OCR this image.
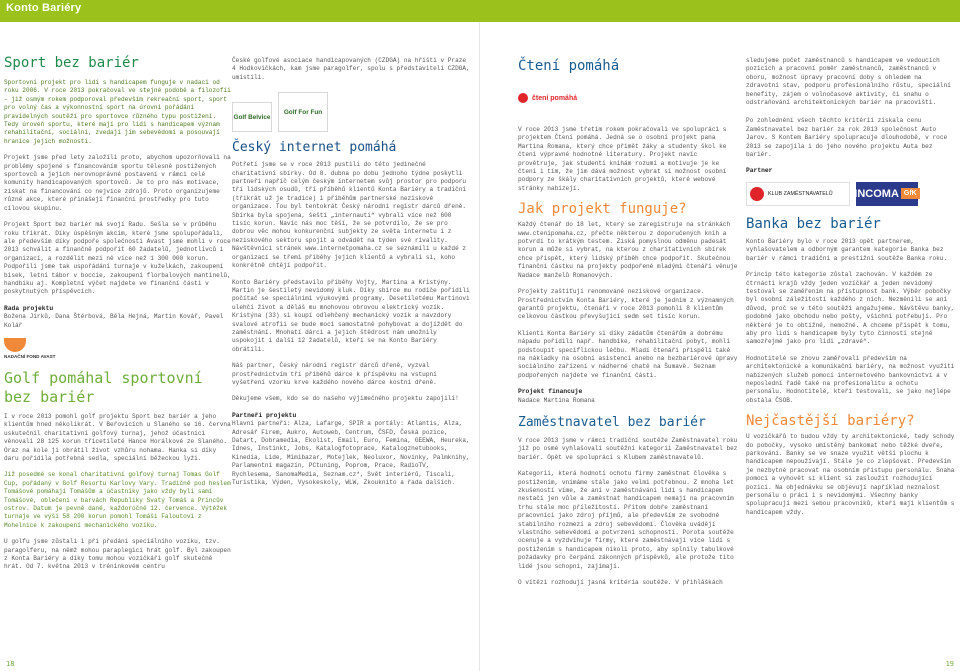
Konto Bariéry
Sport bez bariér

Sportovní projekt pro lidi s handicapem funguje v nadaci od roku 2006. V roce 2013 pokračoval ve stejné podobě a filozofii – již osmým rokem podporoval především rekreační sport, sport pro volný čas a výkonnostní sport na úrovni pořádání pravidelných soutěží pro sportovce různého typu postižení. Tedy úroveň sportu, které mají pro lidi s handicapem význam rehabilitační, sociální, zvedají jim sebevědomí a posouvají hranice jejich možností.

Projekt jsme před lety založili proto, abychom upozorňovali na problémy spojené s financováním sportu tělesně postižených sportovců a jejich nerovnoprávné postavení v rámci celé komunity handicapovaných sportovců. Je to pro nás motivace, získat na financování co nejvíce zdrojů. Proto organizujeme různé akce, které přinášejí finanční prostředky pro tuto cílovou skupinu.

Projekt Sport bez bariér má svojí Radu. Sešla se v průběhu roku třikrát. Díky úspěšným akcím, které jsme spolupořádali, ale především díky podpoře společnosti Avast jsme mohli v roce 2013 schválit a finančně podpořit 60 žadatelů, jednotlivců i organizací, a rozdělit mezi ně více než 1 300 000 korun. Podpořili jsme tak uspořádání turnaje v kuželkách, zakoupení bisek, letní tábor v boccie, zakoupení florbalových mantinelů, handbiku aj. Kompletní výčet najdete ve finanční části v poskytnutých příspěvcích.

Rada projektu

Božena Jirků, Dana Štěrbová, Běla Hejná, Martin Kovář, Pavel Kolář

NADAČNÍ FOND AVAST
Golf pomáhal sportovní bez bariér

I v roce 2013 pomohl golf projektu Sport bez bariér a jeho klientům hned několikrát. V Beřovicích u Slaného se 16. června uskutečnil charitativní golfový turnaj, jehož účastníci věnovali 28 125 korun třicetileté Hance Horálkové ze Slaného. Oraz na kole ji obrátil život vzhůru nohama. Hanka si díky daru pořídila potřebná sedla, speciální běžeckou lyži.

Již posedmé se konal charitativní golfový turnaj Tomas Golf Cup, pořádaný v Golf Resortu Karlovy Vary. Tradičně pod heslem Tomášové pomáhají Tomášům a účastníky jako vždy byli samí Tomášové, oblečení v barvách Republiky Svatý Tomáš a Princův ostrov. Datum je pevně dané, každoročně 12. července. Výtěžek turnaje ve výši 58 200 korun pomohl Tomáši Faloutovi z Mohelnice k zakoupení mechanického vozíku.

U golfu jsme zůstali i při předání speciálního vozíku, tzv. paragolferu, na němž mohou paraplegici hrát golf. Byl zakoupen z Konta Bariéry a díky tomu mohou vozíčkáři golf skutečně hrát. Od 7. května 2013 v tréninkovém centru

České golfové asociace handicapovaných (CZDGA) na hřišti v Praze 4 Hodkovičkách, kam jsme paragolfer, spolu s představiteli CZDGA, umístili.

Golf Belvice
Golf For Fun
Český internet pomáhá

Potřetí jsme se v roce 2013 pustili do této jedinečné charitativní sbírky. Od 8. dubna po dobu jednoho týdne poskytli partneři napříč celým českým internetem svůj prostor pro podporu tří lidských osudů, tří příběhů klientů Konta Bariéry a tradiční (třikrát už je tradice) i příběhům partnerské neziskové organizace. Tou byl tentokrát Český národní registr dárců dřeně. Sbírka byla spojena, šeští „internauti“ vybrali více než 600 tisíc korun. Navíc nás moc těší, že se potvrdilo, že se pro dobrou věc mohou konkurenční subjekty ze světa internetu i z neziskového sektoru spojit a odvádět na týden své rivality. Návštěvníci stránek www.internetpomaha.cz se seznámili u každé z organizací se třemi příběhy jejich klientů a vybrali si, koho konkrétně chtějí podpořit.

Konto Bariéry představilo příběhy Vojty, Martina a Kristýny. Martin je šestiletý nevidomý kluk. Díky sbírce mu rodiče pořídili počítač se speciálními výukovými programy. Desetiletému Martinovi ulehčí život a děláš mu mnohovou obrovou elektrický vozík. Kristýna (33) si koupí odlehčený mechanický vozík a navzdory svalové atrofii se bude moci samostatně pohybovat a dojíždět do zaměstnání. Mnohatí dárci a jejich štědrost nám umožnily uspokojit i další 12 žadatelů, kteří se na Konto Bariéry obrátili.

Náš partner, Český národní registr dárců dřeně, vyzval prostřednictvím tří příběhů dárce k příspěvku na vstupní vyšetření vzorku krve každého nového dárce kostní dřeně.

Děkujeme všem, kdo se do našeho výjimečného projektu zapojili!

Partneři projektu

Hlavní partneři: Alza, Lafarge, SPIR a portály: Atlantis, Alza, Adresář Firem, Aukro, Autoweb, Centrum, ČSFD, Česká pozice, Datart, Dobramedia, Ekolist, Email, Euro, Femina, GEEWA, Heureka, Idnes, Instinkt, Jobs, Katalogfotoprace, Katalogznetubooks, Kinedia, Lide, Mimibazar, Motejlek, Neoluxor, Novinky, Palmknihy, Parlamentní magazín, PCtuning, Poprom, Prace, RadioTV, Rychlesema, SanomaMedia, Seznam.cz*, Svět interiérů, Tiscali, Turistika, Výden, Vysokeskoly, WLW, Zkouknito a řada dalších.

Čtení pomáhá
čtení pomáhá

V roce 2013 jsme třetím rokem pokračovali ve spolupráci s projektem Čtení pomáhá. Jedná se o osobní projekt pana Martina Romana, který chce přimět žáky a studenty škol ke čtení výpravné hodnotné literatury. Projekt navíc provětruje, jak studenti knihám rozumí a motivuje je ke čtení i tím, že jim dává možnost vybrat si možnost osobní podpory ze škály charitativních projektů, které webové stránky nabízejí.

Jak projekt funguje?

Každý čtenář do 18 let, který se zaregistruje na stránkách www.ctenipomaha.cz, přečte některou z doporučených knih a potvrdí to krátkým testem. Získá pomyslnou odměnu padesát korun a může si vybrat, na kterou z charitativních sbírek chce přispět, který lidský příběh chce podpořit. Skutečnou finanční částku na projekty podpořené mladými čtenáři věnuje Nadace manželů Romanových.

Projekty zaštiťují renomované neziskové organizace. Prostřednictvím Konta Bariéry, které je jednim z významných garantů projektu, čtenáři v roce 2013 pomohli 8 klientům celkovou částkou převyšující sedm set tisíc korun.

Klienti Konta Bariéry si díky zádatům čtenářům a dobrému nápadu pořídili např. handbike, rehabilitační pobyt, mohli podstoupit speciflickou léčbu. Mladí čtenáři přispěli také na nákladky na osobní asistenci anebo na bezbariérové úpravy sociálního zařízení v nádherné chatě na Šumavě. Seznam podpořených najdete ve finanční části.

Projekt financuje

Nadace Martina Romana

Zaměstnavatel bez bariér

V roce 2013 jsme v rámci tradiční soutěže Zaměstnavatel roku již po osmé vyhlašovali soutěžní kategorii Zaměstnavatel bez bariér. Opět ve spolupráci s Klubem zaměstnavatelů.

Kategorii, která hodnotí ochotu firmy zaměstnat člověka s postižením, vnímáme stále jako velmi potřebnou. Z mnoha let zkušeností víme, že ani v zaměstnávání lidí s handicapem nestačí jen vůle a zaměstnat handicapem nemají na pracovním trhu stále moc příležitostí. Přitom dobře zaměstnaní pracovníci jako zdroj příjmů, ale především ze svobodné stabilního rozmezí a zdroj sebevědomí. Člověka uvádějí vlastního sebevědomí a potvrzení schopností. Porota soutěže ocenuje a vyzdvihuje firmy, které zaměstnávají více lidí s postižením s handicapem nikoli proto, aby splnily tabulkové požadavky pro čerpání zákonných příspěvků, ale protože tito lidé jsou schopní, zajímají.

O vítězi rozhodují jasná kritéria soutěže. V přihláškách

sledujeme počet zaměstnanců s handicapem ve vedoucích pozicích a pracovní poměr zaměstnanců, zaměstnanců v oboru, možnost úpravy pracovní doby s ohledem na zdravotní stav, podporu profesionálního růstu, speciální benefity, zájem o volnočasové aktivity, či snahu o odstraňování architektonických bariér na pracovišti.

Po zohlednění všech těchto kritérií získala cenu Zaměstnavatel bez bariér za rok 2013 společnost Auto Jarov. S Kontem Bariéry spolupracuje dlouhodobě, v roce 2013 se zapojila i do jeho nového projektu Auta bez bariér.

Partner

KLUB ZAMĚSTNAVATELŮ INCOMA GfK
Banka bez bariér

Konto Bariéry bylo v roce 2013 opět partnerem, vyhlašovatelem a odborným garantem kategorie Banka bez bariér v rámci tradiční a prestižní soutěže Banka roku.

Princip této kategorie zůstal zachován. V každém ze čtrnácti krajů vždy jeden vozíčkář a jeden nevidomý testoval se zaměřením na přístupnost bank. Výběr pobočky byl osobní záležitostí každého z nich. Nezměnili se ani důvod, proč se v této soutěži angažujeme. Návštěvu banky, podobně jako obchodu nebo pošty, všichni potřebují. Pro některé je to obtížné, nemožné. A chceme přispět k tomu, aby pro lidi s handicapem byly tyto činnosti stejně samozřejmé jako pro lidi „zdravé“.

Hodnotitelé se znovu zaměřovali především na architektonické a komunikační bariéry, na možnost využití nabízených služeb pomocí internetového bankovnictví a v neposlední řadě také na profesionalitu a ochotu personálu. Hodnotitelé, kteří testovali, se jako nejlépe obstála ČSOB.

Nejčastější bariéry?

U vozíčkářů to budou vždy ty architektonické, tedy schody do pobočky, vysoko umístěný bankomat nebo těžké dveře, parkování. Banky se ve snaze využít větší plochu k handicapem nepoužívají. Stále je co zlepšovat. Především je nezbytné pracovat na osobním přístupu personálu. Snaha pomoci a vyhovět si klient si zasloužit rozhodující pozici. Na objednávku se objevují například neznalost personálu o práci i s nevidomými. Všechny banky spolupracují mezi sebou pracovníků, kteří mají klientům s handicapem vždy.

18	19
